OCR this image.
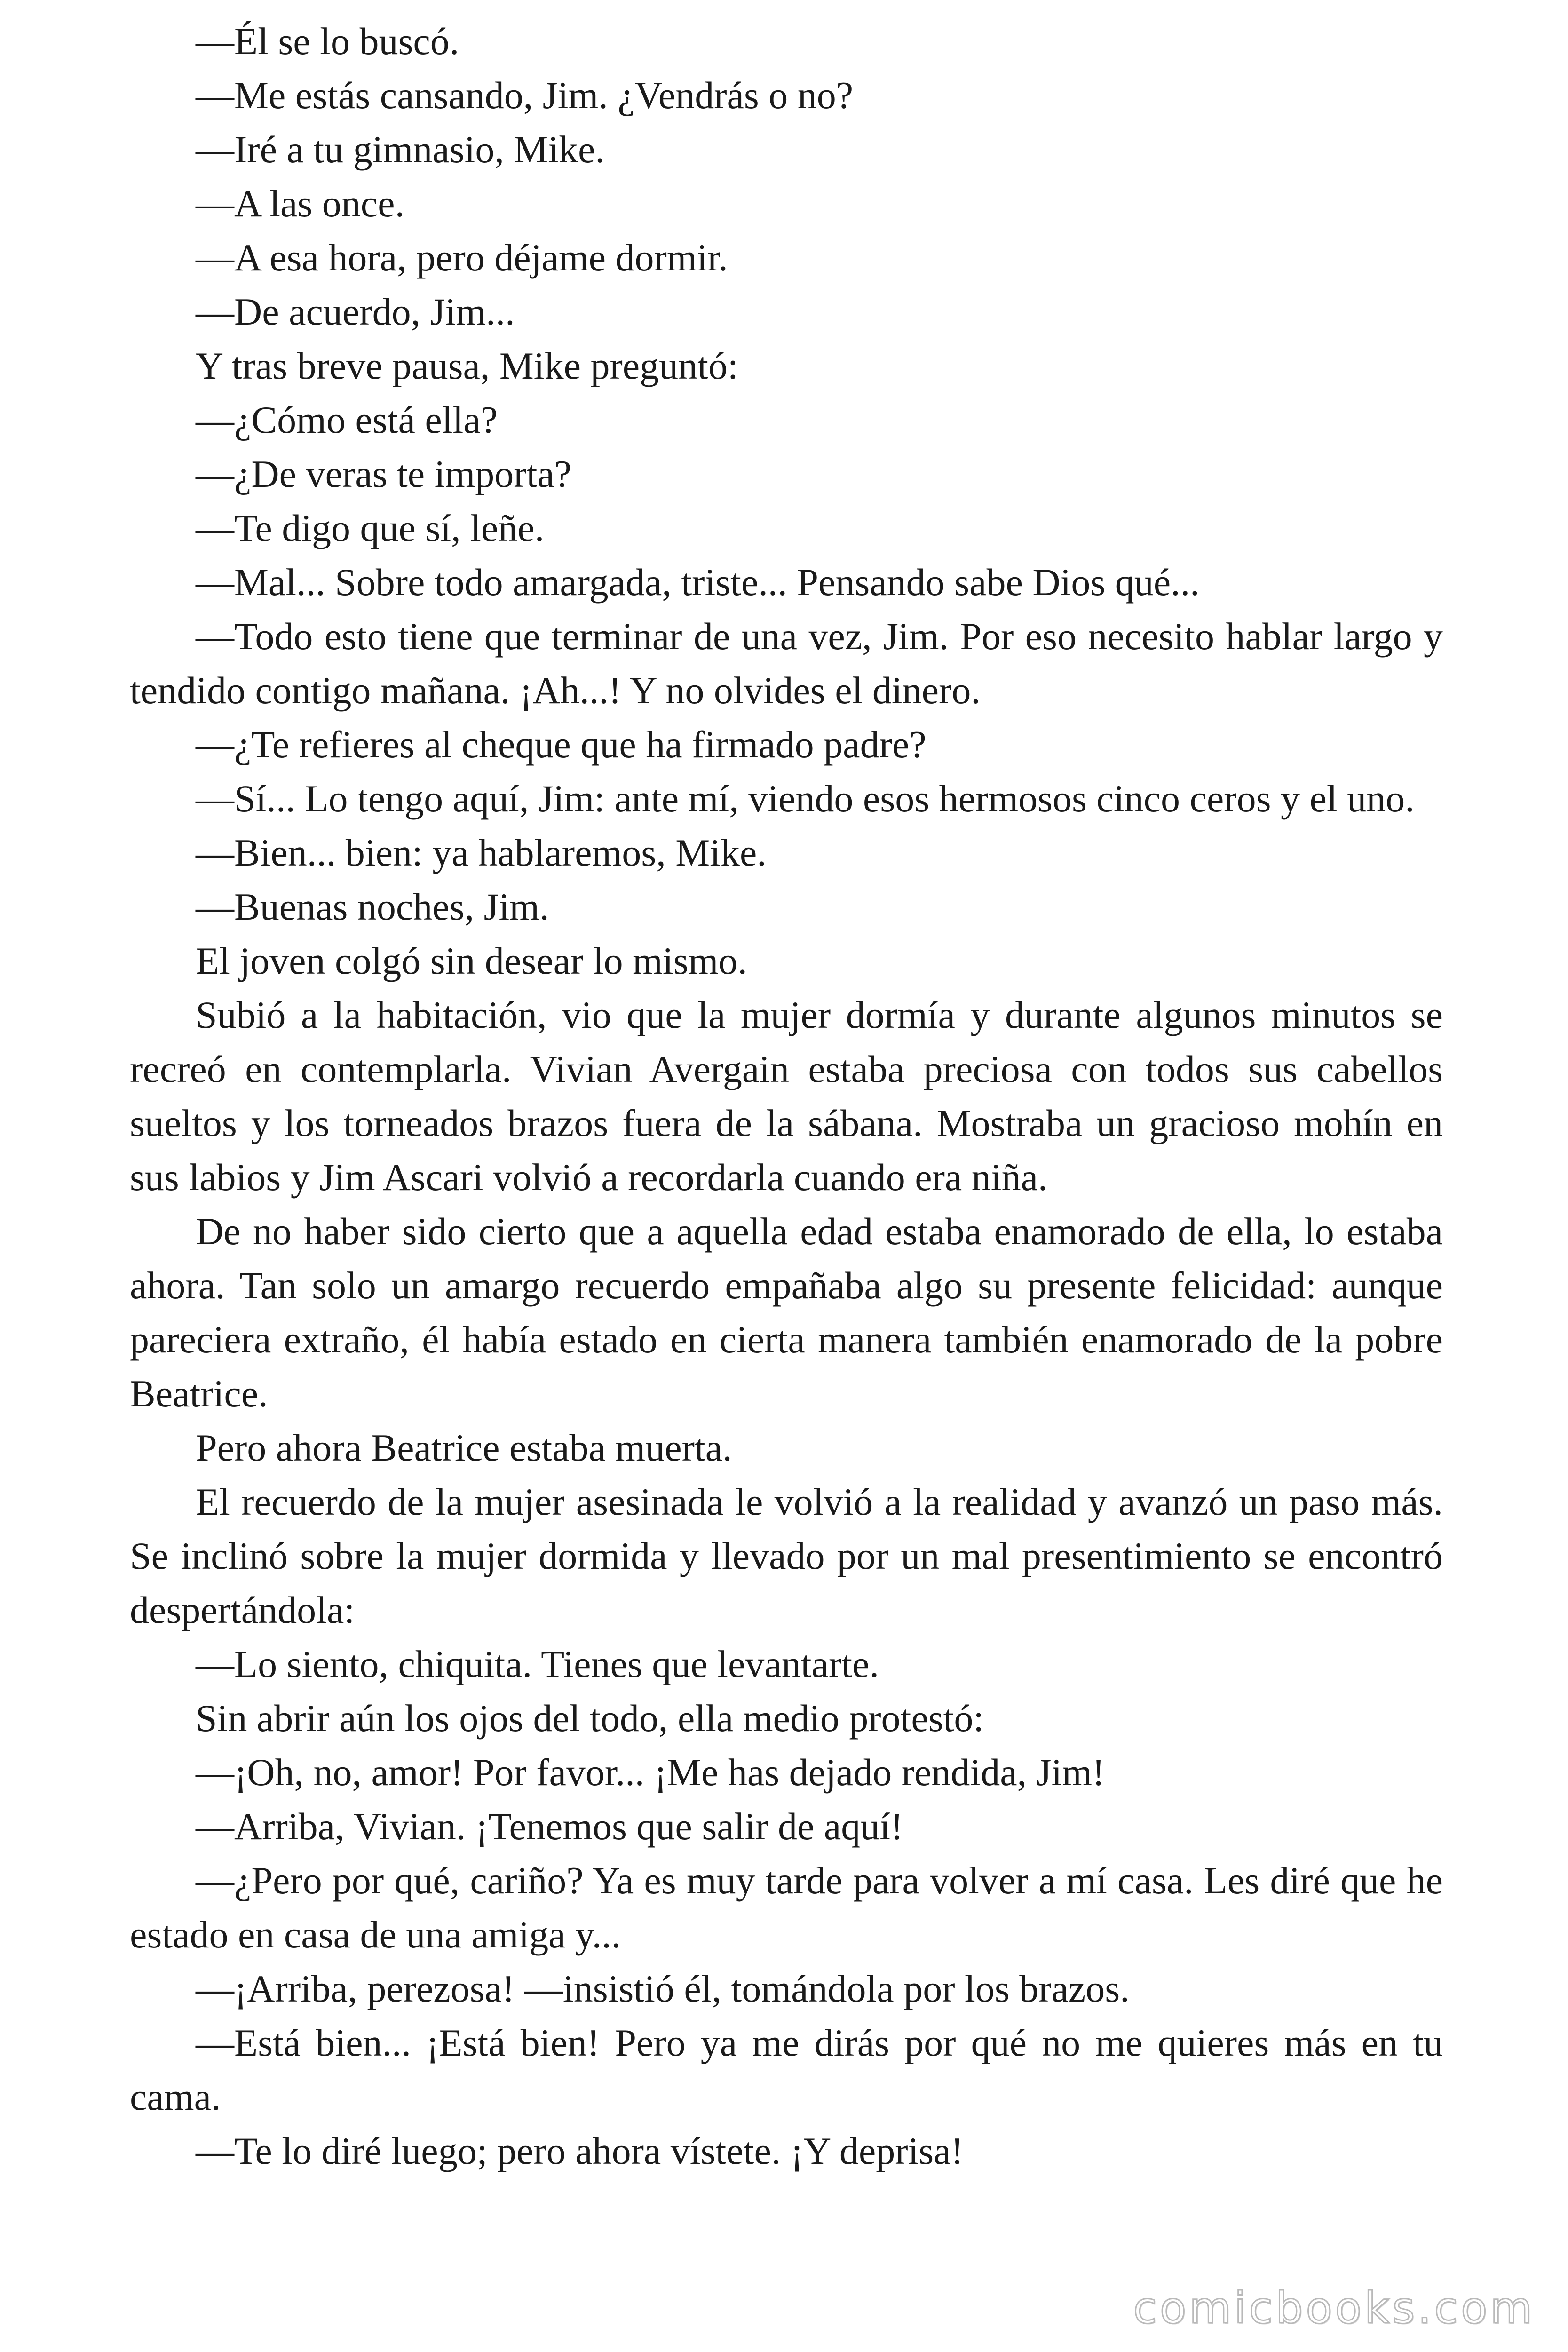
—Él se lo buscó.

—Me estás cansando, Jim. ¿Vendrás o no?

—Iré a tu gimnasio, Mike.

—A las once.

—A esa hora, pero déjame dormir.

—De acuerdo, Jim...

Y tras breve pausa, Mike preguntó:

—¿Cómo está ella?

—¿De veras te importa?

—Te digo que sí, leñe.

—Mal... Sobre todo amargada, triste... Pensando sabe Dios qué...

—Todo esto tiene que terminar de una vez, Jim. Por eso necesito hablar largo y tendido contigo mañana. ¡Ah...! Y no olvides el dinero.

—¿Te refieres al cheque que ha firmado padre?

—Sí... Lo tengo aquí, Jim: ante mí, viendo esos hermosos cinco ceros y el uno.

—Bien... bien: ya hablaremos, Mike.

—Buenas noches, Jim.

El joven colgó sin desear lo mismo.

Subió a la habitación, vio que la mujer dormía y durante algunos minutos se recreó en contemplarla. Vivian Avergain estaba preciosa con todos sus cabellos sueltos y los torneados brazos fuera de la sábana. Mostraba un gracioso mohín en sus labios y Jim Ascari volvió a recordarla cuando era niña.

De no haber sido cierto que a aquella edad estaba enamorado de ella, lo estaba ahora. Tan solo un amargo recuerdo empañaba algo su presente felicidad: aunque pareciera extraño, él había estado en cierta manera también enamorado de la pobre Beatrice.

Pero ahora Beatrice estaba muerta.

El recuerdo de la mujer asesinada le volvió a la realidad y avanzó un paso más. Se inclinó sobre la mujer dormida y llevado por un mal presentimiento se encontró despertándola:

—Lo siento, chiquita. Tienes que levantarte.

Sin abrir aún los ojos del todo, ella medio protestó:

—¡Oh, no, amor! Por favor... ¡Me has dejado rendida, Jim!

—Arriba, Vivian. ¡Tenemos que salir de aquí!

—¿Pero por qué, cariño? Ya es muy tarde para volver a mí casa. Les diré que he estado en casa de una amiga y...

—¡Arriba, perezosa! —insistió él, tomándola por los brazos.

—Está bien... ¡Está bien! Pero ya me dirás por qué no me quieres más en tu cama.

—Te lo diré luego; pero ahora vístete. ¡Y deprisa!

comicbooks.com
